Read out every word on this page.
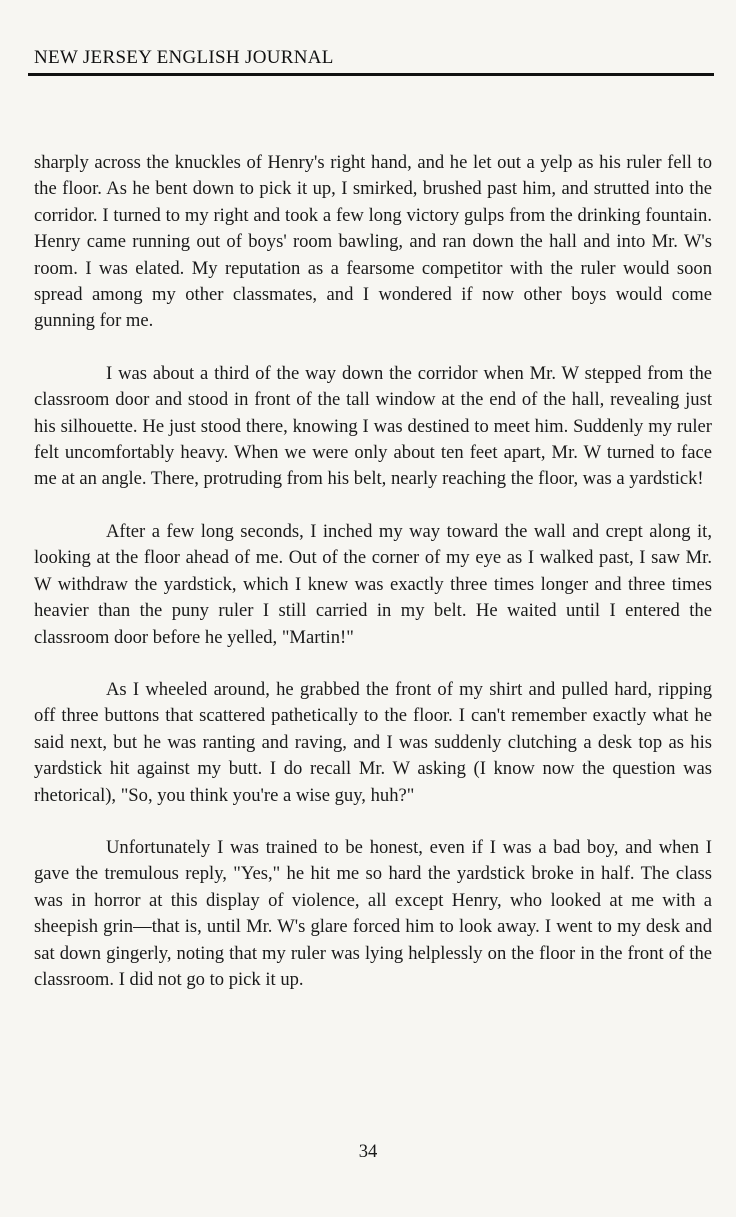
NEW JERSEY ENGLISH JOURNAL

sharply across the knuckles of Henry's right hand, and he let out a yelp as his ruler fell to the floor. As he bent down to pick it up, I smirked, brushed past him, and strutted into the corridor. I turned to my right and took a few long victory gulps from the drinking fountain. Henry came running out of boys' room bawling, and ran down the hall and into Mr. W's room. I was elated. My reputation as a fearsome competitor with the ruler would soon spread among my other classmates, and I wondered if now other boys would come gunning for me.

I was about a third of the way down the corridor when Mr. W stepped from the classroom door and stood in front of the tall window at the end of the hall, revealing just his silhouette. He just stood there, knowing I was destined to meet him. Suddenly my ruler felt uncomfortably heavy. When we were only about ten feet apart, Mr. W turned to face me at an angle. There, protruding from his belt, nearly reaching the floor, was a yardstick!

After a few long seconds, I inched my way toward the wall and crept along it, looking at the floor ahead of me. Out of the corner of my eye as I walked past, I saw Mr. W withdraw the yardstick, which I knew was exactly three times longer and three times heavier than the puny ruler I still carried in my belt. He waited until I entered the classroom door before he yelled, "Martin!"

As I wheeled around, he grabbed the front of my shirt and pulled hard, ripping off three buttons that scattered pathetically to the floor. I can't remember exactly what he said next, but he was ranting and raving, and I was suddenly clutching a desk top as his yardstick hit against my butt. I do recall Mr. W asking (I know now the question was rhetorical), "So, you think you're a wise guy, huh?"

Unfortunately I was trained to be honest, even if I was a bad boy, and when I gave the tremulous reply, "Yes," he hit me so hard the yardstick broke in half. The class was in horror at this display of violence, all except Henry, who looked at me with a sheepish grin—that is, until Mr. W's glare forced him to look away. I went to my desk and sat down gingerly, noting that my ruler was lying helplessly on the floor in the front of the classroom. I did not go to pick it up.

34
